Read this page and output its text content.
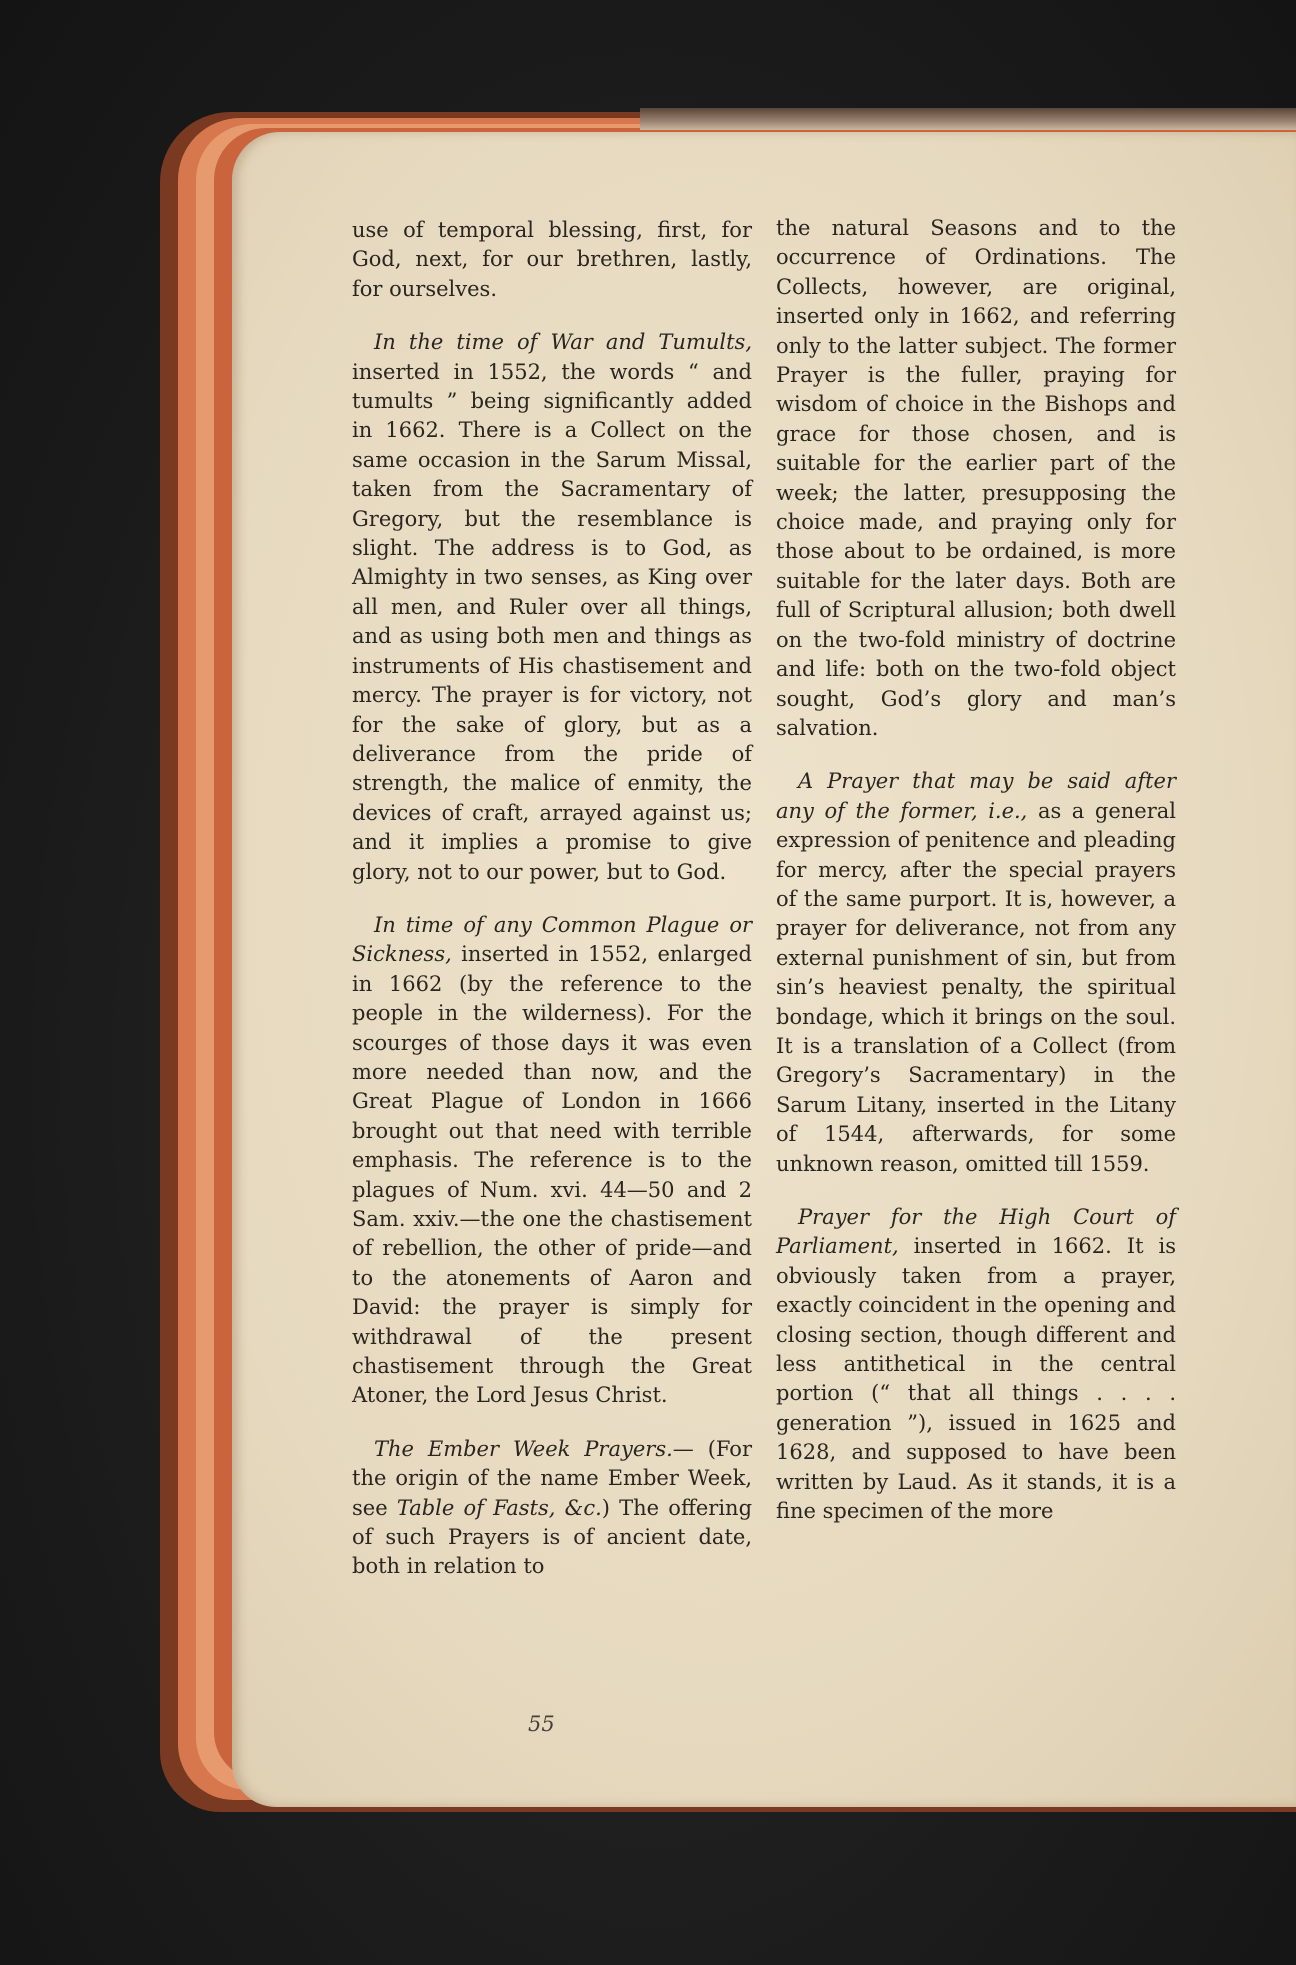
use of temporal blessing, first, for God, next, for our brethren, lastly, for ourselves.

In the time of War and Tumults, inserted in 1552, the words “ and tumults ” being significantly added in 1662. There is a Collect on the same occasion in the Sarum Missal, taken from the Sacramentary of Gregory, but the resemblance is slight. The address is to God, as Almighty in two senses, as King over all men, and Ruler over all things, and as using both men and things as instruments of His chastisement and mercy. The prayer is for victory, not for the sake of glory, but as a deliverance from the pride of strength, the malice of enmity, the devices of craft, arrayed against us; and it implies a promise to give glory, not to our power, but to God.

In time of any Common Plague or Sickness, inserted in 1552, enlarged in 1662 (by the reference to the people in the wilderness). For the scourges of those days it was even more needed than now, and the Great Plague of London in 1666 brought out that need with terrible emphasis. The reference is to the plagues of Num. xvi. 44—50 and 2 Sam. xxiv.—the one the chastisement of rebellion, the other of pride—and to the atonements of Aaron and David: the prayer is simply for withdrawal of the present chastisement through the Great Atoner, the Lord Jesus Christ.

The Ember Week Prayers.— (For the origin of the name Ember Week, see Table of Fasts, &c.) The offering of such Prayers is of ancient date, both in relation to

the natural Seasons and to the occurrence of Ordinations. The Collects, however, are original, inserted only in 1662, and referring only to the latter subject. The former Prayer is the fuller, praying for wisdom of choice in the Bishops and grace for those chosen, and is suitable for the earlier part of the week; the latter, presupposing the choice made, and praying only for those about to be ordained, is more suitable for the later days. Both are full of Scriptural allusion; both dwell on the two-fold ministry of doctrine and life: both on the two-fold object sought, God’s glory and man’s salvation.

A Prayer that may be said after any of the former, i.e., as a general expression of penitence and pleading for mercy, after the special prayers of the same purport. It is, however, a prayer for deliverance, not from any external punishment of sin, but from sin’s heaviest penalty, the spiritual bondage, which it brings on the soul. It is a translation of a Collect (from Gregory’s Sacramentary) in the Sarum Litany, inserted in the Litany of 1544, afterwards, for some unknown reason, omitted till 1559.

Prayer for the High Court of Parliament, inserted in 1662. It is obviously taken from a prayer, exactly coincident in the opening and closing section, though different and less antithetical in the central portion (“ that all things . . . . generation ”), issued in 1625 and 1628, and supposed to have been written by Laud. As it stands, it is a fine specimen of the more

55
